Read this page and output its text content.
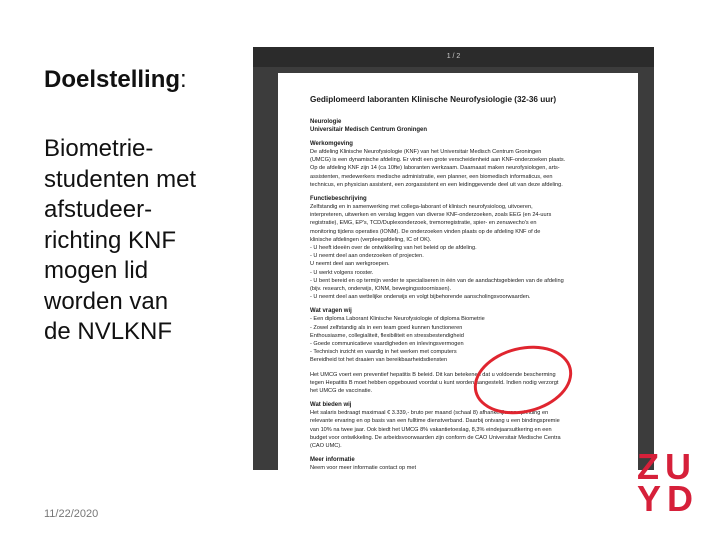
Doelstelling:
Biometrie-
studenten met
afstudeer-
richting KNF
mogen lid
worden van
de NVLKNF
11/22/2020
1 / 2
Gediplomeerd laboranten Klinische Neurofysiologie (32-36 uur)
Neurologie
Universitair Medisch Centrum Groningen
Werkomgeving
De afdeling Klinische Neurofysiologie (KNF) van het Universitair Medisch Centrum Groningen
(UMCG) is een dynamische afdeling. Er vindt een grote verscheidenheid aan KNF-onderzoeken plaats.
Op de afdeling KNF zijn 14 (ca 10fte) laboranten werkzaam. Daarnaast maken neurofysiologen, arts-
assistenten, medewerkers medische administratie, een planner, een biomedisch informaticus, een
technicus, en physician assistent, een zorgassistent en een leidinggevende deel uit van deze afdeling.
Functiebeschrijving
Zelfstandig en in samenwerking met collega-laborant of klinisch neurofysioloog, uitvoeren,
interpreteren, uitwerken en verslag leggen van diverse KNF-onderzoeken, zoals EEG (en 24-uurs
registratie), EMG, EP's, TCD/Duplexonderzoek, tremorregistratie, spier- en zenuwecho's en
monitoring tijdens operaties (IONM). De onderzoeken vinden plaats op de afdeling KNF of de
klinische afdelingen (verpleegafdeling, IC of OK).
- U heeft ideeën over de ontwikkeling van het beleid op de afdeling.
- U neemt deel aan onderzoeken of projecten.
U neemt deel aan werkgroepen.
- U werkt volgens rooster.
- U bent bereid en op termijn verder te specialiseren in één van de aandachtsgebieden van de afdeling
(bijv. research, onderwijs, IONM, bewegingsstoornissen).
- U neemt deel aan wettelijke onderwijs en volgt bijbehorende aanscholingsvoorwaarden.
Wat vragen wij
- Een diploma Laborant Klinische Neurofysiologie of diploma Biometrie
- Zowel zelfstandig als in een team goed kunnen functioneren
Enthousiasme, collegialiteit, flexibiliteit en stressbestendigheid
- Goede communicatieve vaardigheden en inlevingsvermogen
- Technisch inzicht en vaardig in het werken met computers
Bereidheid tot het draaien van bereikbaarheidsdiensten
Het UMCG voert een preventief hepatitis B beleid. Dit kan betekenen dat u voldoende bescherming
tegen Hepatitis B moet hebben opgebouwd voordat u kunt worden aangesteld. Indien nodig verzorgt
het UMCG de vaccinatie.
Wat bieden wij
Het salaris bedraagt maximaal € 3.339,- bruto per maand (schaal 8) afhankelijk van opleiding en
relevante ervaring en op basis van een fulltime dienstverband. Daarbij ontvang u een bindingspremie
van 10% na twee jaar. Ook biedt het UMCG 8% vakantietoeslag, 8,3% eindejaarsuitkering en een
budget voor ontwikkeling. De arbeidsvoorwaarden zijn conform de CAO Universitair Medische Centra
(CAO UMC).
Meer informatie
Neem voor meer informatie contact op met	ZU
YD
